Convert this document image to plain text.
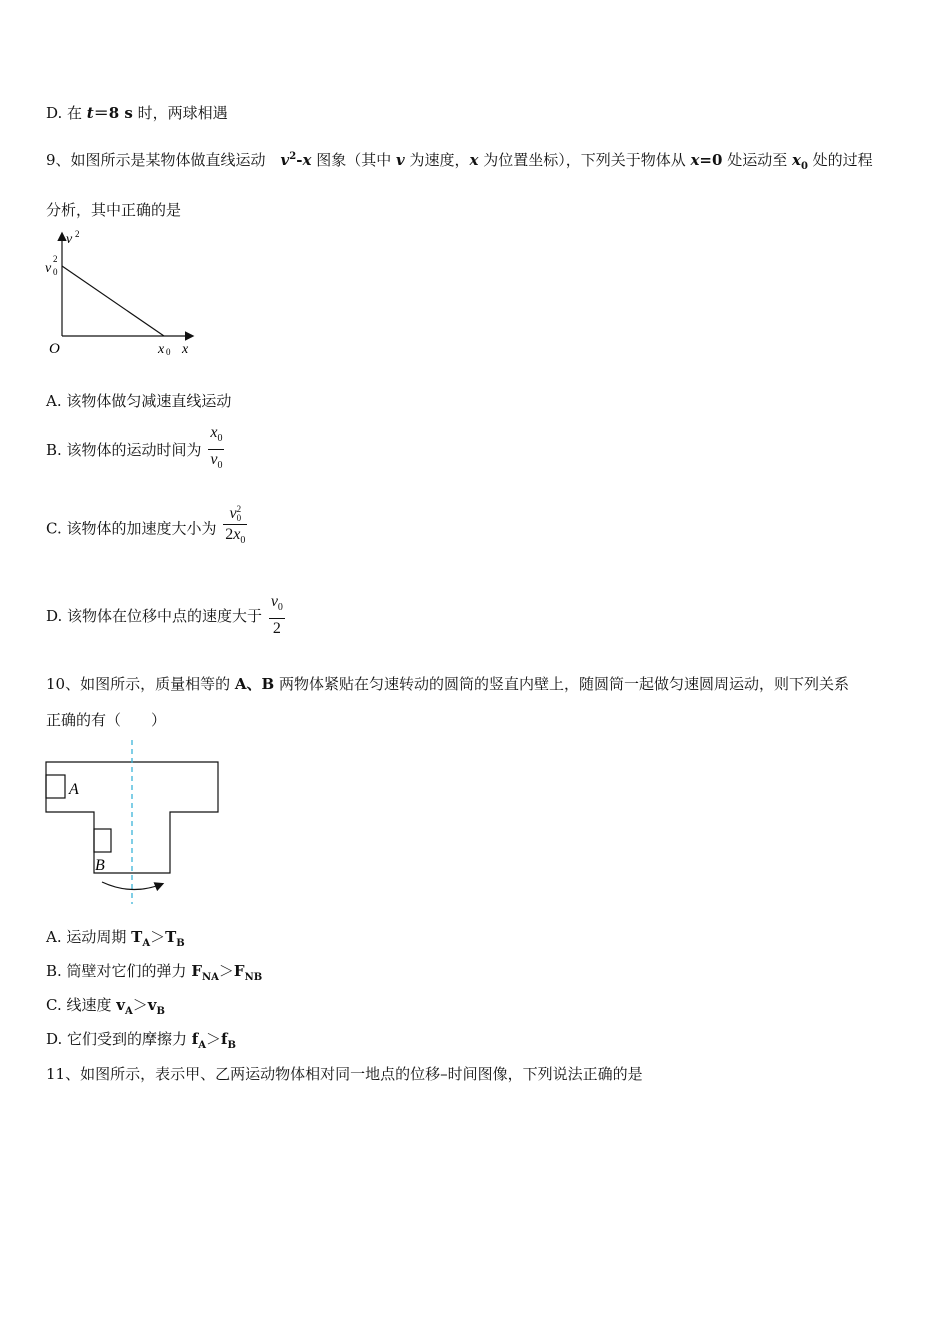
D. 在 t＝8 s 时，两球相遇
9、如图所示是某物体做直线运动　$v^2-x$ 图象（其中 v 为速度，x 为位置坐标），下列关于物体从 x=0 处运动至 $x_0$ 处的过程
分析，其中正确的是
v 2
v
2
0
O	x 0 x
A. 该物体做匀减速直线运动
B. 该物体的运动时间为 $\frac{x_0}{v_0}$
C. 该物体的加速度大小为 v 2
0
$2x_0$
D. 该物体在位移中点的速度大于 $\frac{v_0}{2}$
10、如图所示，质量相等的 A、B 两物体紧贴在匀速转动的圆筒的竖直内壁上，随圆筒一起做匀速圆周运动，则下列关系
正确的有（　　）
A
B
A. 运动周期 $T_A>T_B$
B. 筒壁对它们的弹力 $F_{NA}>F_{NB}$
C. 线速度 $v_A>v_B$
D. 它们受到的摩擦力 $f_A>f_B$
11、如图所示，表示甲、乙两运动物体相对同一地点的位移–时间图像，下列说法正确的是
